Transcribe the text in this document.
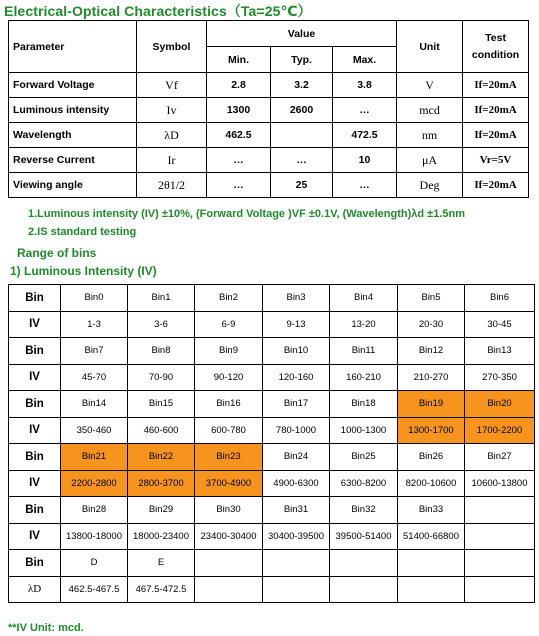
Electrical-Optical Characteristics（Ta=25℃）
Parameter	Symbol	Value			Unit	Test condition
		Min.	Typ.	Max.		
Forward Voltage	Vf	2.8	3.2	3.8	V	If=20mA
Luminous intensity	Iv	1300	2600	…	mcd	If=20mA
Wavelength	λD	462.5		472.5	nm	If=20mA
Reverse Current	Ir	…	…	10	μA	Vr=5V
Viewing angle	2θ1/2	…	25	…	Deg	If=20mA
1.Luminous intensity (IV) ±10%, (Forward Voltage )VF ±0.1V, (Wavelength)λd ±1.5nm
2.IS standard testing
Range of bins
1) Luminous Intensity (IV)
Bin	Bin0	Bin1	Bin2	Bin3	Bin4	Bin5	Bin6
IV	1-3	3-6	6-9	9-13	13-20	20-30	30-45
Bin	Bin7	Bin8	Bin9	Bin10	Bin11	Bin12	Bin13
IV	45-70	70-90	90-120	120-160	160-210	210-270	270-350
Bin	Bin14	Bin15	Bin16	Bin17	Bin18	Bin19	Bin20
IV	350-460	460-600	600-780	780-1000	1000-1300	1300-1700	1700-2200
Bin	Bin21	Bin22	Bin23	Bin24	Bin25	Bin26	Bin27
IV	2200-2800	2800-3700	3700-4900	4900-6300	6300-8200	8200-10600	10600-13800
Bin	Bin28	Bin29	Bin30	Bin31	Bin32	Bin33	
IV	13800-18000	18000-23400	23400-30400	30400-39500	39500-51400	51400-66800	
Bin	D	E					
λD	462.5-467.5	467.5-472.5					
**IV Unit: mcd.
